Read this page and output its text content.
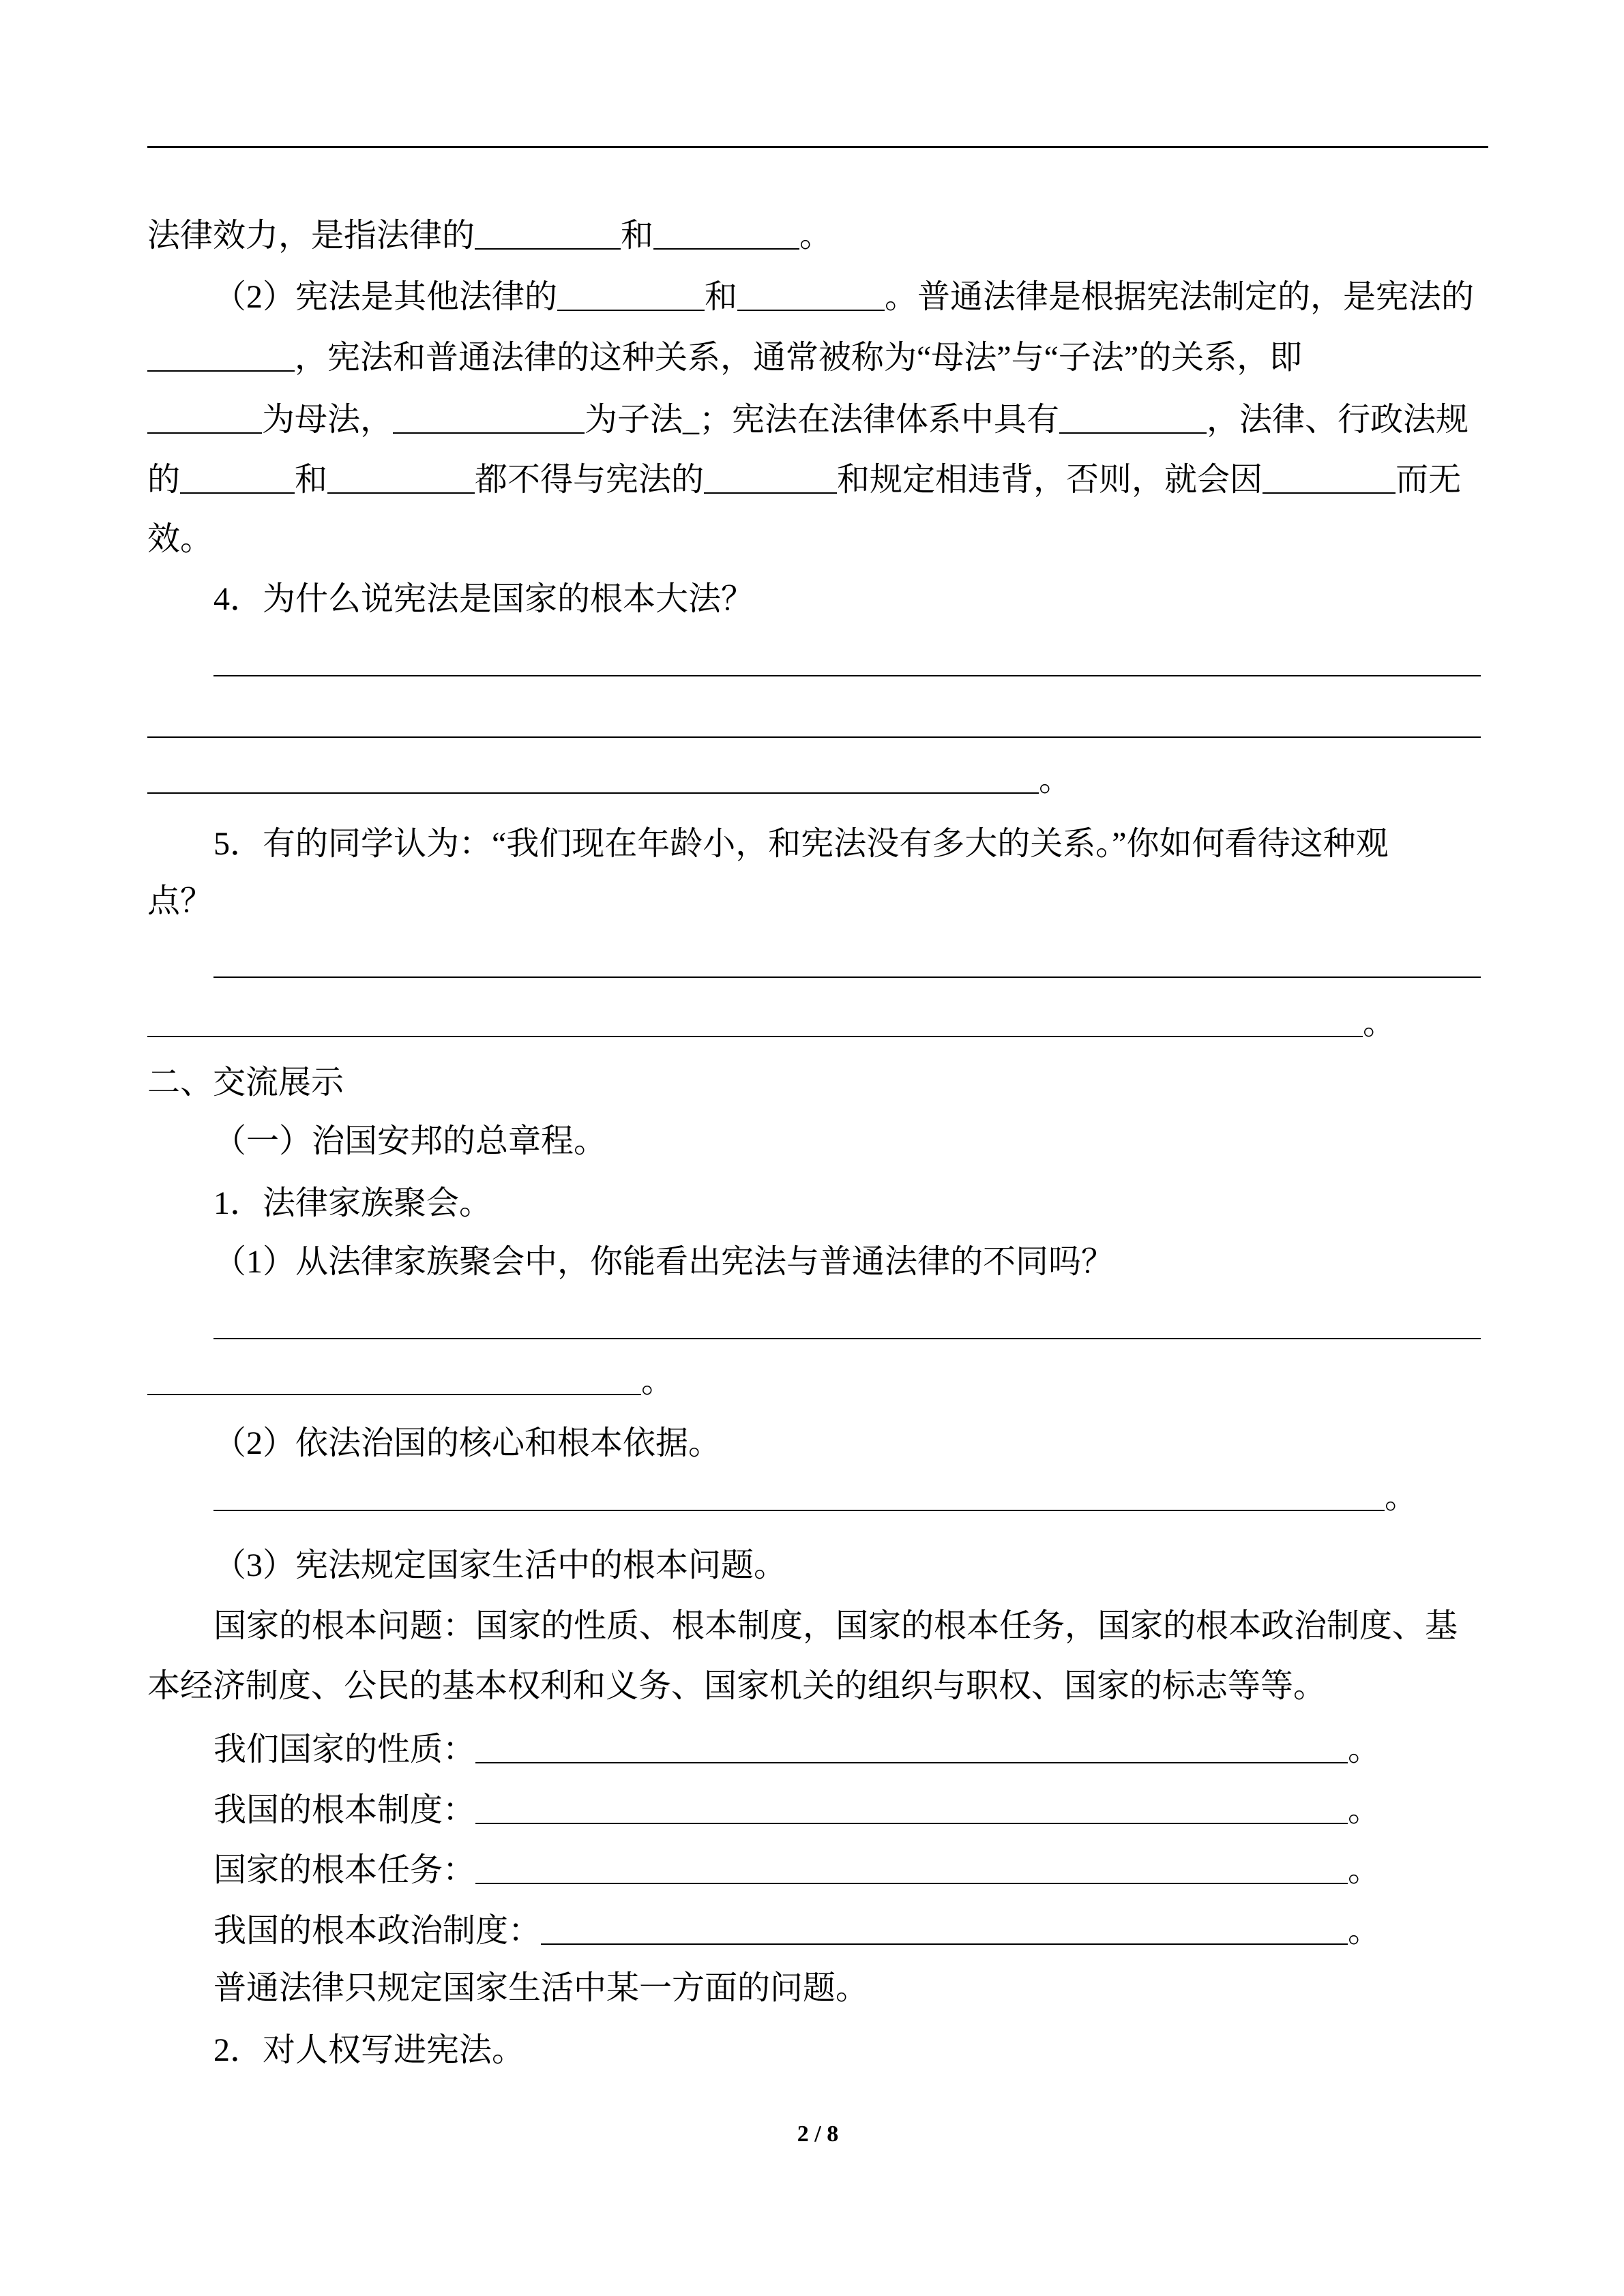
​ 法律效力，是指法律的	和	。
​ （2）宪法是其他法律的	和	。普通法律是根据宪法制定的，是宪法的
​ ，宪法和普通法律的这种关系，通常被称为“母法”与“子法”的关系，即
​ 为母法，	为子法_；宪法在法律体系中具有	，法律、行政法规
​ 的	和	都不得与宪法的	和规定相违背，否则，就会因	而无
​ 效。
​ 4．为什么说宪法是国家的根本大法？
​
​
​ 。
​ 5．有的同学认为：“我们现在年龄小，和宪法没有多大的关系。”你如何看待这种观
​ 点？
​
​ 。
​ 二、交流展示
​ （一）治国安邦的总章程。
​ 1．法律家族聚会。
​ （1）从法律家族聚会中，你能看出宪法与普通法律的不同吗？
​
​ 。
​ （2）依法治国的核心和根本依据。
​ 。
​ （3）宪法规定国家生活中的根本问题。
​ 国家的根本问题：国家的性质、根本制度，国家的根本任务，国家的根本政治制度、基
​ 本经济制度、公民的基本权利和义务、国家机关的组织与职权、国家的标志等等。
​ 我们国家的性质：	。
​ 我国的根本制度：	。
​ 国家的根本任务：	。
​ 我国的根本政治制度：	。
​ 普通法律只规定国家生活中某一方面的问题。
​ 2．对人权写进宪法。
2 / 8
